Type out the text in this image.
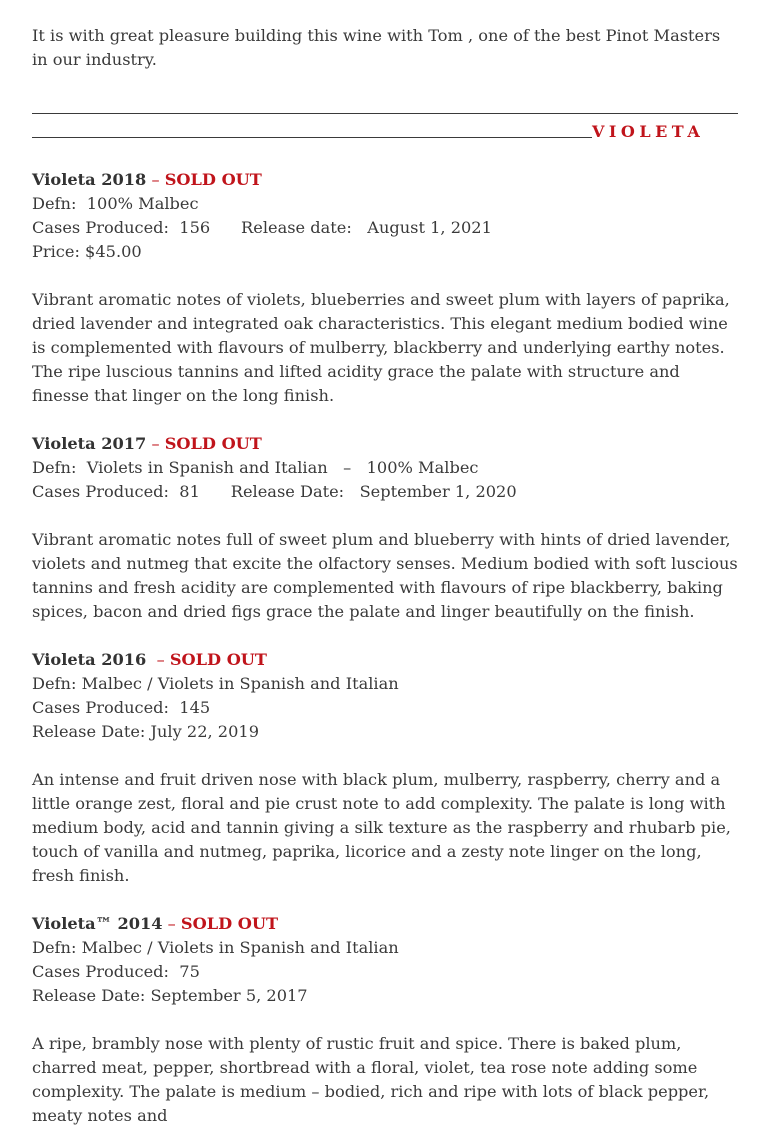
It is with great pleasure building this wine with Tom , one of the best Pinot Masters in our industry.

VIOLETA

Violeta 2018 – SOLD OUT

Defn:  100% Malbec

Cases Produced:  156      Release date:   August 1, 2021

Price: $45.00

Vibrant aromatic notes of violets, blueberries and sweet plum with layers of paprika, dried lavender and integrated oak characteristics. This elegant medium bodied wine is complemented with flavours of mulberry, blackberry and underlying earthy notes. The ripe luscious tannins and lifted acidity grace the palate with structure and finesse that linger on the long finish.

Violeta 2017 – SOLD OUT

Defn:  Violets in Spanish and Italian   –   100% Malbec

Cases Produced:  81      Release Date:   September 1, 2020

Vibrant aromatic notes full of sweet plum and blueberry with hints of dried lavender, violets and nutmeg that excite the olfactory senses. Medium bodied with soft luscious tannins and fresh acidity are complemented with flavours of ripe blackberry, baking spices, bacon and dried figs grace the palate and linger beautifully on the finish.

Violeta 2016  – SOLD OUT

Defn: Malbec / Violets in Spanish and Italian

Cases Produced:  145

Release Date: July 22, 2019

An intense and fruit driven nose with black plum, mulberry, raspberry, cherry and a little orange zest, floral and pie crust note to add complexity. The palate is long with medium body, acid and tannin giving a silk texture as the raspberry and rhubarb pie, touch of vanilla and nutmeg, paprika, licorice and a zesty note linger on the long, fresh finish.

Violeta™ 2014 – SOLD OUT

Defn: Malbec / Violets in Spanish and Italian

Cases Produced:  75

Release Date: September 5, 2017

A ripe, brambly nose with plenty of rustic fruit and spice. There is baked plum, charred meat, pepper, shortbread with a floral, violet, tea rose note adding some complexity. The palate is medium – bodied, rich and ripe with lots of black pepper, meaty notes and
